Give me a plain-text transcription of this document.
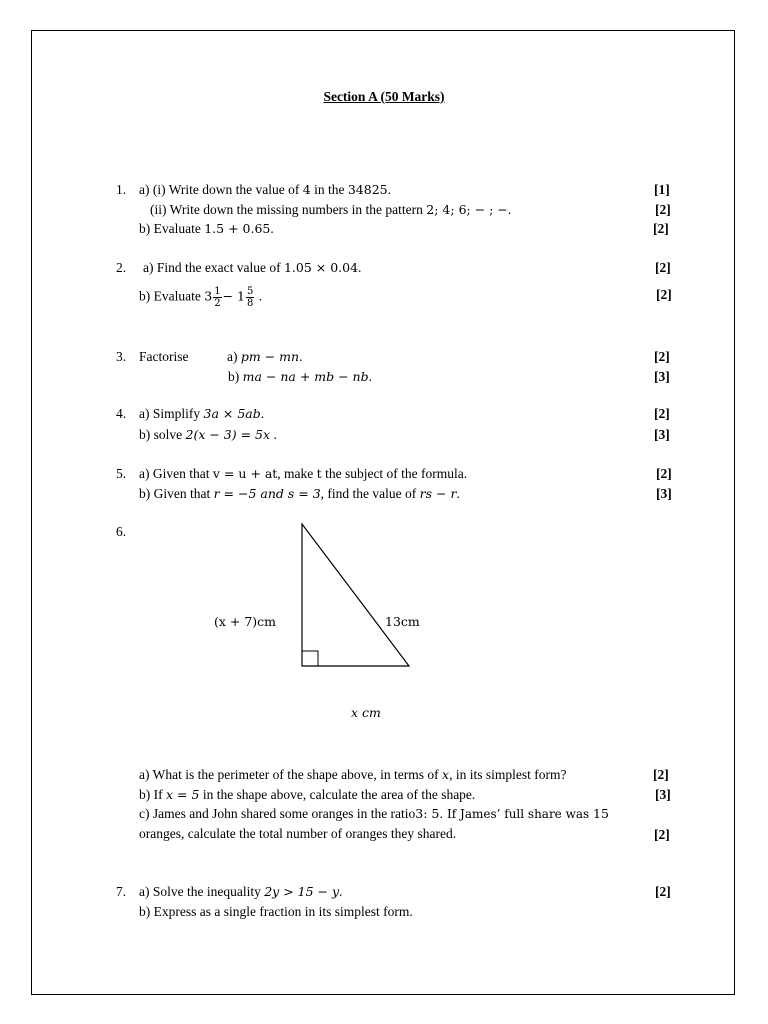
Section A (50 Marks)
1. a) (i) Write down the value of 4 in the 34825.	[1]
(ii) Write down the missing numbers in the pattern 2; 4; 6; − ; −.	[2]
b) Evaluate 1.5 + 0.65.	[2]
2. a) Find the exact value of 1.05 × 0.04.	[2]
b) Evaluate $3 \frac{1}{2} - 1 \frac{5}{8}$ .	[2]
3. Factorise	a) pm − mn.	[2]
b) ma − na + mb − nb.	[3]
4. a) Simplify 3a × 5ab.	[2]
b) solve 2(x − 3) = 5x .	[3]
5. a) Given that v = u + at, make t the subject of the formula.	[2]
b) Given that r = −5 and s = 3, find the value of rs − r.	[3]
6.
(x + 7)cm	13cm
x cm
a) What is the perimeter of the shape above, in terms of x, in its simplest form?	[2]
b) If x = 5 in the shape above, calculate the area of the shape.	[3]
c) James and John shared some oranges in the ratio3: 5. If James’ full share was 15
oranges, calculate the total number of oranges they shared.	[2]
7. a) Solve the inequality 2y > 15 − y.	[2]
b) Express as a single fraction in its simplest form.
